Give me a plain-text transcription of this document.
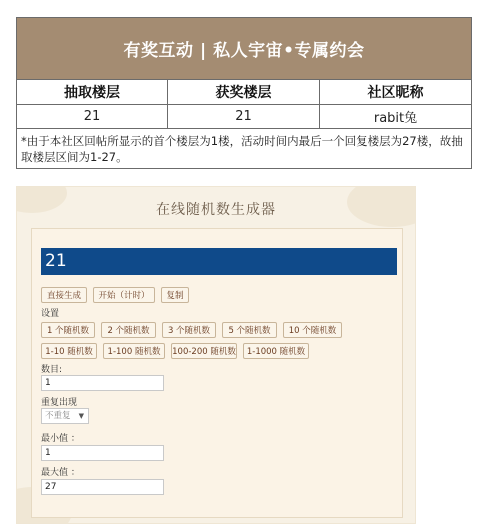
有奖互动 | 私人宇宙•专属约会
抽取楼层	获奖楼层	社区昵称
21	21	rabit兔
*由于本社区回帖所显示的首个楼层为1楼，活动时间内最后一个回复楼层为27楼，故抽取楼层区间为1-27。
在线随机数生成器
21
直接生成	开始（计时）	复制
设置
1 个随机数	2 个随机数	3 个随机数	5 个随机数	10 个随机数
1-10 随机数	1-100 随机数	100-200 随机数	1-1000 随机数
数目:
1
重复出现
不重复 ▼
最小值 ：
1
最大值 ：
27
